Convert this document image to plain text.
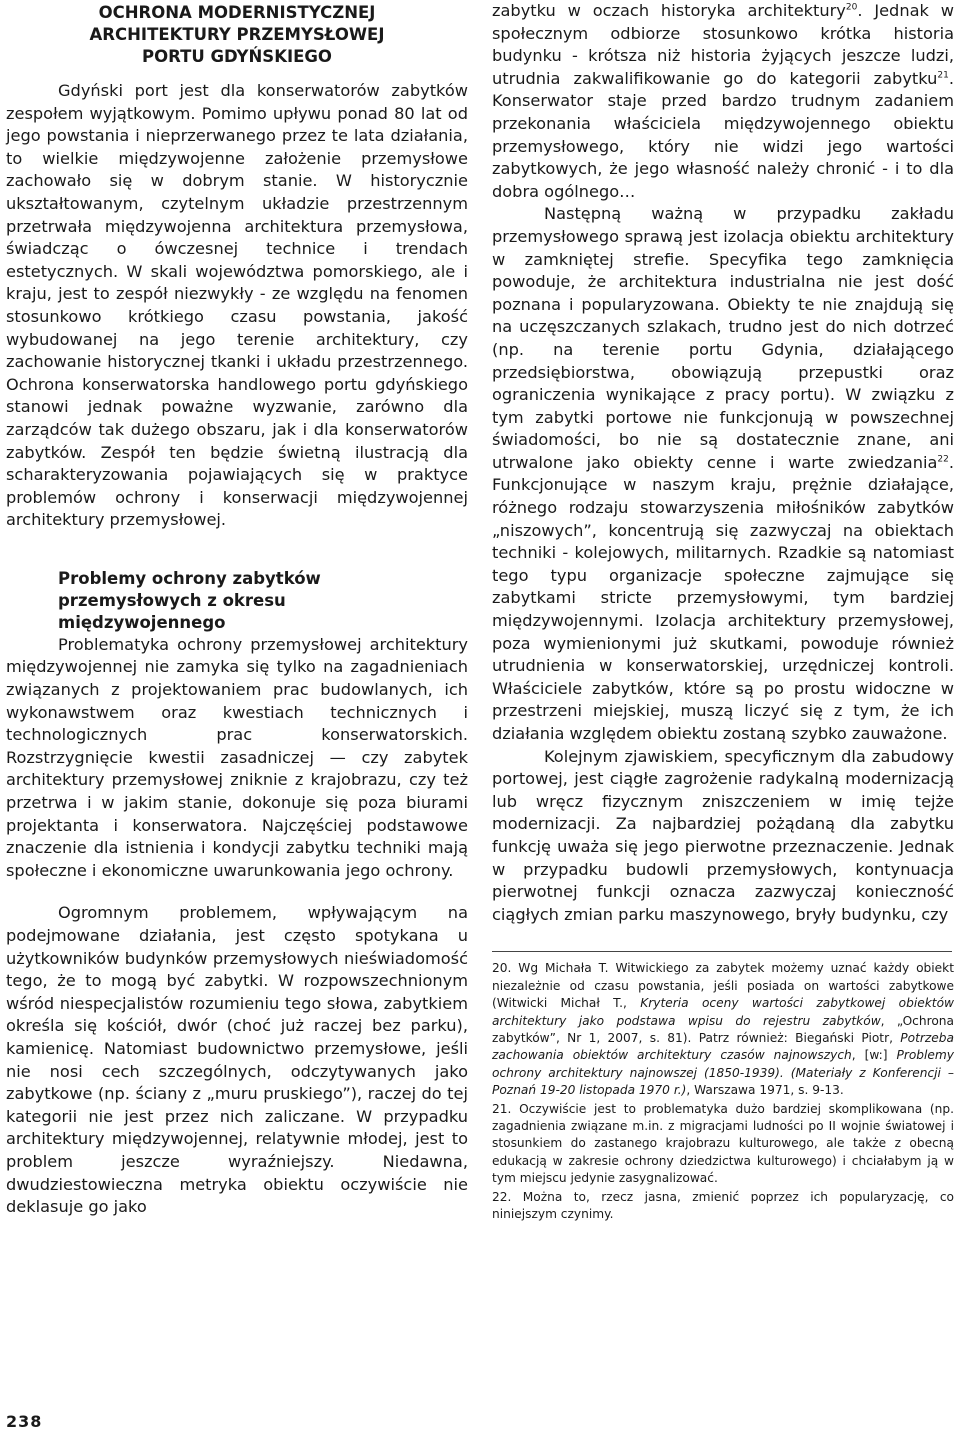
OCHRONA MODERNISTYCZNEJ
ARCHITEKTURY PRZEMYSŁOWEJ
PORTU GDYŃSKIEGO

Gdyński port jest dla konserwatorów zabytków zespołem wyjątkowym. Pomimo upływu ponad 80 lat od jego powstania i nieprzerwanego przez te lata działania, to wielkie międzywojenne założenie przemysłowe zachowało się w dobrym stanie. W historycznie ukształtowanym, czytelnym układzie przestrzennym przetrwała międzywojenna architektura przemysłowa, świadcząc o ówczesnej technice i trendach estetycznych. W skali województwa pomorskiego, ale i kraju, jest to zespół niezwykły - ze względu na fenomen stosunkowo krótkiego czasu powstania, jakość wybudowanej na jego terenie architektury, czy zachowanie historycznej tkanki i układu przestrzennego. Ochrona konserwatorska handlowego portu gdyńskiego stanowi jednak poważne wyzwanie, zarówno dla zarządców tak dużego obszaru, jak i dla konserwatorów zabytków. Zespół ten będzie świetną ilustracją dla scharakteryzowania pojawiających się w praktyce problemów ochrony i konserwacji międzywojennej architektury przemysłowej.

Problemy ochrony zabytków
przemysłowych z okresu
międzywojennego

Problematyka ochrony przemysłowej architektury międzywojennej nie zamyka się tylko na zagadnieniach związanych z projektowaniem prac budowlanych, ich wykonawstwem oraz kwestiach technicznych i technologicznych prac konserwatorskich. Rozstrzygnięcie kwestii zasadniczej — czy zabytek architektury przemysłowej zniknie z krajobrazu, czy też przetrwa i w jakim stanie, dokonuje się poza biurami projektanta i konserwatora. Najczęściej podstawowe znaczenie dla istnienia i kondycji zabytku techniki mają społeczne i ekonomiczne uwarunkowania jego ochrony.

Ogromnym problemem, wpływającym na podejmowane działania, jest często spotykana u użytkowników budynków przemysłowych nieświadomość tego, że to mogą być zabytki. W rozpowszechnionym wśród niespecjalistów rozumieniu tego słowa, zabytkiem określa się kościół, dwór (choć już raczej bez parku), kamienicę. Natomiast budownictwo przemysłowe, jeśli nie nosi cech szczególnych, odczytywanych jako zabytkowe (np. ściany z „muru pruskiego”), raczej do tej kategorii nie jest przez nich zaliczane. W przypadku architektury międzywojennej, relatywnie młodej, jest to problem jeszcze wyraźniejszy. Niedawna, dwudziestowieczna metryka obiektu oczywiście nie deklasuje go jako

zabytku w oczach historyka architektury$^{20}$. Jednak w społecznym odbiorze stosunkowo krótka historia budynku - krótsza niż historia żyjących jeszcze ludzi, utrudnia zakwalifikowanie go do kategorii zabytku$^{21}$. Konserwator staje przed bardzo trudnym zadaniem przekonania właściciela międzywojennego obiektu przemysłowego, który nie widzi jego wartości zabytkowych, że jego własność należy chronić - i to dla dobra ogólnego…

Następną ważną w przypadku zakładu przemysłowego sprawą jest izolacja obiektu architektury w zamkniętej strefie. Specyfika tego zamknięcia powoduje, że architektura industrialna nie jest dość poznana i popularyzowana. Obiekty te nie znajdują się na uczęszczanych szlakach, trudno jest do nich dotrzeć (np. na terenie portu Gdynia, działającego przedsiębiorstwa, obowiązują przepustki oraz ograniczenia wynikające z pracy portu). W związku z tym zabytki portowe nie funkcjonują w powszechnej świadomości, bo nie są dostatecznie znane, ani utrwalone jako obiekty cenne i warte zwiedzania$^{22}$. Funkcjonujące w naszym kraju, prężnie działające, różnego rodzaju stowarzyszenia miłośników zabytków „niszowych”, koncentrują się zazwyczaj na obiektach techniki - kolejowych, militarnych. Rzadkie są natomiast tego typu organizacje społeczne zajmujące się zabytkami stricte przemysłowymi, tym bardziej międzywojennymi. Izolacja architektury przemysłowej, poza wymienionymi już skutkami, powoduje również utrudnienia w konserwatorskiej, urzędniczej kontroli. Właściciele zabytków, które są po prostu widoczne w przestrzeni miejskiej, muszą liczyć się z tym, że ich działania względem obiektu zostaną szybko zauważone.

Kolejnym zjawiskiem, specyficznym dla zabudowy portowej, jest ciągłe zagrożenie radykalną modernizacją lub wręcz fizycznym zniszczeniem w imię tejże modernizacji. Za najbardziej pożądaną dla zabytku funkcję uważa się jego pierwotne przeznaczenie. Jednak w przypadku budowli przemysłowych, kontynuacja pierwotnej funkcji oznacza zazwyczaj konieczność ciągłych zmian parku maszynowego, bryły budynku, czy

20. Wg Michała T. Witwickiego za zabytek możemy uznać każdy obiekt niezależnie od czasu powstania, jeśli posiada on wartości zabytkowe (Witwicki Michał T., Kryteria oceny wartości zabytkowej obiektów architektury jako podstawa wpisu do rejestru zabytków, „Ochrona zabytków”, Nr 1, 2007, s. 81). Patrz również: Biegański Piotr, Potrzeba zachowania obiektów architektury czasów najnowszych, [w:] Problemy ochrony architektury najnowszej (1850-1939). (Materiały z Konferencji – Poznań 19-20 listopada 1970 r.), Warszawa 1971, s. 9-13.

21. Oczywiście jest to problematyka dużo bardziej skomplikowana (np. zagadnienia związane m.in. z migracjami ludności po II wojnie światowej i stosunkiem do zastanego krajobrazu kulturowego, ale także z obecną edukacją w zakresie ochrony dziedzictwa kulturowego) i chciałabym ją w tym miejscu jedynie zasygnalizować.

22. Można to, rzecz jasna, zmienić poprzez ich popularyzację, co niniejszym czynimy.

238
